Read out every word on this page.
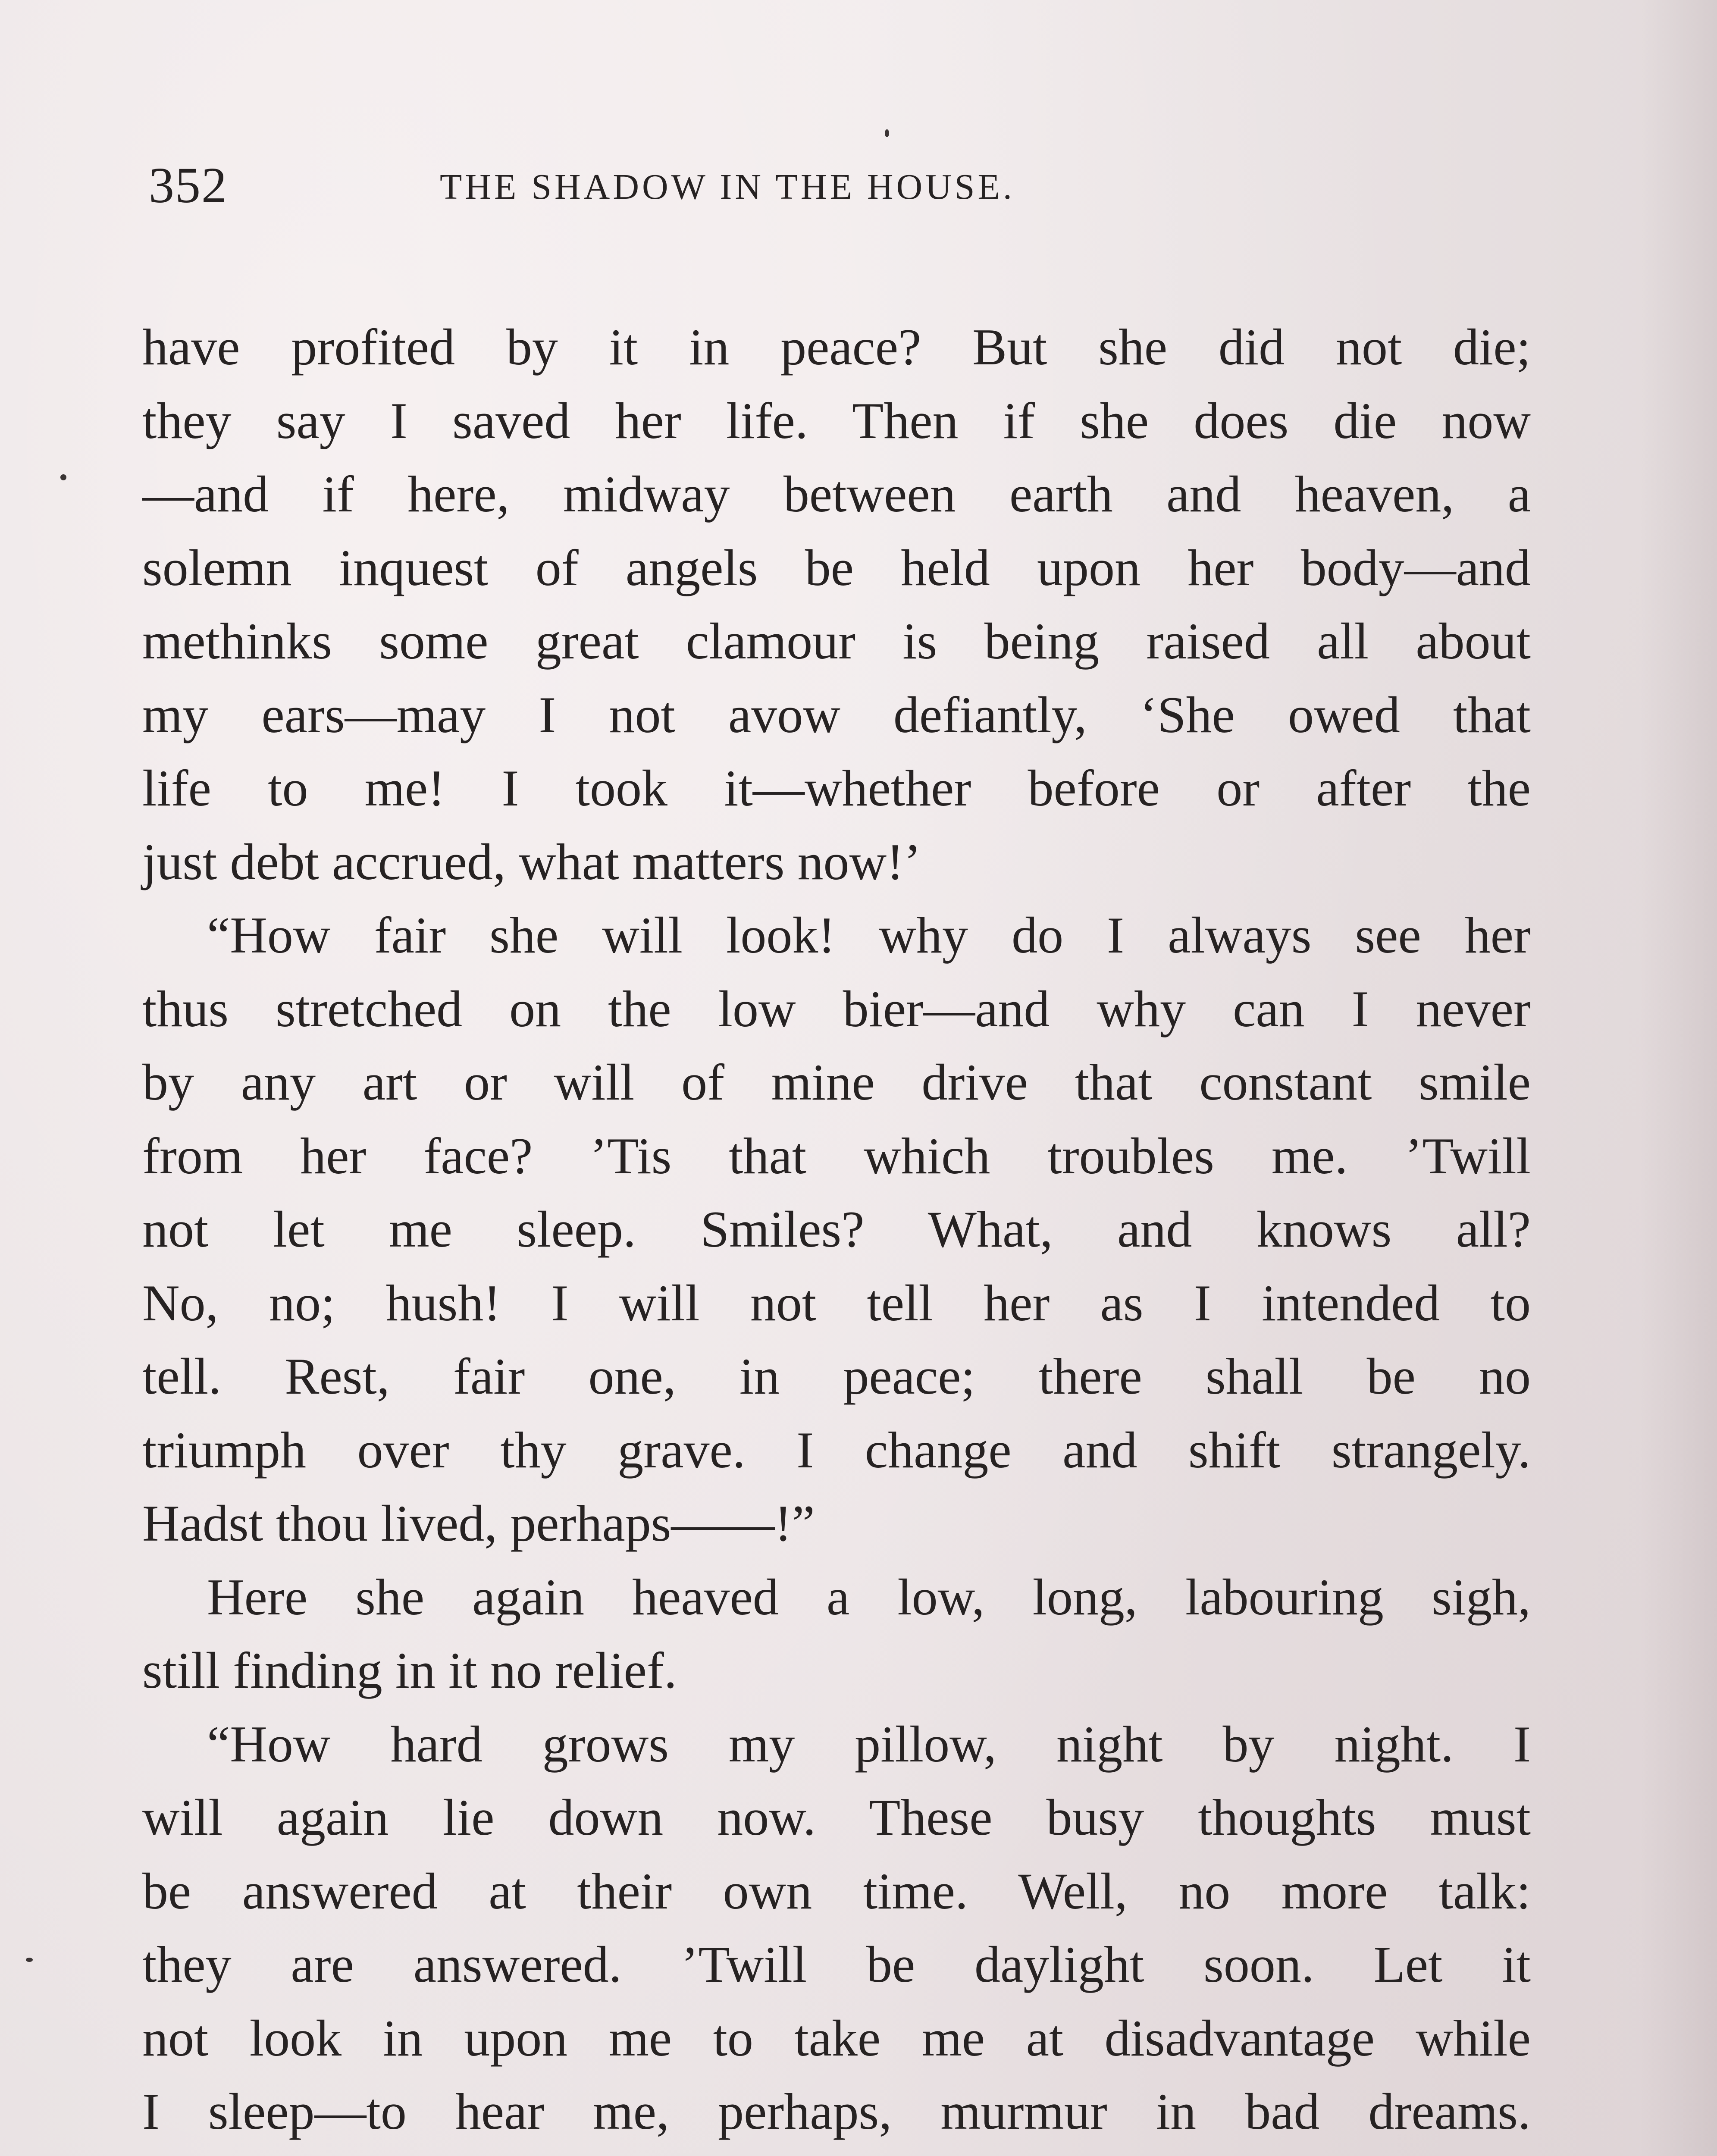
352	THE SHADOW IN THE HOUSE.
have profited by it in peace? But she did not die;
they say I saved her life. Then if she does die now
—and if here, midway between earth and heaven, a
solemn inquest of angels be held upon her body—and
methinks some great clamour is being raised all about
my ears—may I not avow defiantly, ‘She owed that
life to me! I took it—whether before or after the
just debt accrued, what matters now!’
“How fair she will look! why do I always see her
thus stretched on the low bier—and why can I never
by any art or will of mine drive that constant smile
from her face? ’Tis that which troubles me. ’Twill
not let me sleep. Smiles? What, and knows all?
No, no; hush! I will not tell her as I intended to
tell. Rest, fair one, in peace; there shall be no
triumph over thy grave. I change and shift strangely.
Hadst thou lived, perhaps——!”
Here she again heaved a low, long, labouring sigh,
still finding in it no relief.
“How hard grows my pillow, night by night. I
will again lie down now. These busy thoughts must
be answered at their own time. Well, no more talk:
they are answered. ’Twill be daylight soon. Let it
not look in upon me to take me at disadvantage while
I sleep—to hear me, perhaps, murmur in bad dreams.
